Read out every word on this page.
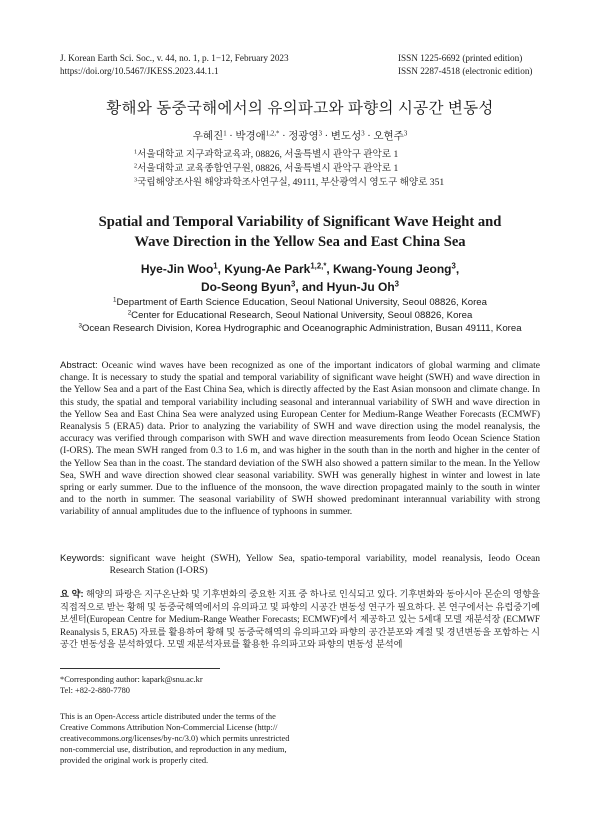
J. Korean Earth Sci. Soc., v. 44, no. 1, p. 1−12, February 2023
https://doi.org/10.5467/JKESS.2023.44.1.1
ISSN 1225-6692 (printed edition)
ISSN 2287-4518 (electronic edition)
황해와 동중국해에서의 유의파고와 파향의 시공간 변동성
우혜진$^1$ · 박경애$^{1,2,*}$ · 정광영$^3$ · 변도성$^3$ · 오현주$^3$
$^1$서울대학교 지구과학교육과, 08826, 서울특별시 관악구 관악로 1
$^2$서울대학교 교육종합연구원, 08826, 서울특별시 관악구 관악로 1
$^3$국립해양조사원 해양과학조사연구실, 49111, 부산광역시 영도구 해양로 351
Spatial and Temporal Variability of Significant Wave Height and
Wave Direction in the Yellow Sea and East China Sea
Hye-Jin Woo$^1$, Kyung-Ae Park$^{1,2,*}$, Kwang-Young Jeong$^3$,
Do-Seong Byun$^3$, and Hyun-Ju Oh$^3$
$^1$Department of Earth Science Education, Seoul National University, Seoul 08826, Korea
$^2$Center for Educational Research, Seoul National University, Seoul 08826, Korea
$^3$Ocean Research Division, Korea Hydrographic and Oceanographic Administration, Busan 49111, Korea
Abstract: Oceanic wind waves have been recognized as one of the important indicators of global warming and climate change. It is necessary to study the spatial and temporal variability of significant wave height (SWH) and wave direction in the Yellow Sea and a part of the East China Sea, which is directly affected by the East Asian monsoon and climate change. In this study, the spatial and temporal variability including seasonal and interannual variability of SWH and wave direction in the Yellow Sea and East China Sea were analyzed using European Center for Medium-Range Weather Forecasts (ECMWF) Reanalysis 5 (ERA5) data. Prior to analyzing the variability of SWH and wave direction using the model reanalysis, the accuracy was verified through comparison with SWH and wave direction measurements from Ieodo Ocean Science Station (I-ORS). The mean SWH ranged from 0.3 to 1.6 m, and was higher in the south than in the north and higher in the center of the Yellow Sea than in the coast. The standard deviation of the SWH also showed a pattern similar to the mean. In the Yellow Sea, SWH and wave direction showed clear seasonal variability. SWH was generally highest in winter and lowest in late spring or early summer. Due to the influence of the monsoon, the wave direction propagated mainly to the south in winter and to the north in summer. The seasonal variability of SWH showed predominant interannual variability with strong variability of annual amplitudes due to the influence of typhoons in summer.
Keywords: significant wave height (SWH), Yellow Sea, spatio-temporal variability, model reanalysis, Ieodo Ocean Research Station (I-ORS)
요 약: 해양의 파랑은 지구온난화 및 기후변화의 중요한 지표 중 하나로 인식되고 있다. 기후변화와 동아시아 몬순의 영향을 직접적으로 받는 황해 및 동중국해역에서의 유의파고 및 파향의 시공간 변동성 연구가 필요하다. 본 연구에서는 유럽중기예보센터(European Centre for Medium-Range Weather Forecasts; ECMWF)에서 제공하고 있는 5세대 모델 재분석장 (ECMWF Reanalysis 5, ERA5) 자료를 활용하여 황해 및 동중국해역의 유의파고와 파향의 공간분포와 계절 및 경년변동을 포함하는 시공간 변동성을 분석하였다. 모델 재분석자료를 활용한 유의파고와 파향의 변동성 분석에
*Corresponding author: kapark@snu.ac.kr
Tel: +82-2-880-7780
This is an Open-Access article distributed under the terms of the
Creative Commons Attribution Non-Commercial License (http://
creativecommons.org/licenses/by-nc/3.0) which permits unrestricted
non-commercial use, distribution, and reproduction in any medium,
provided the original work is properly cited.
